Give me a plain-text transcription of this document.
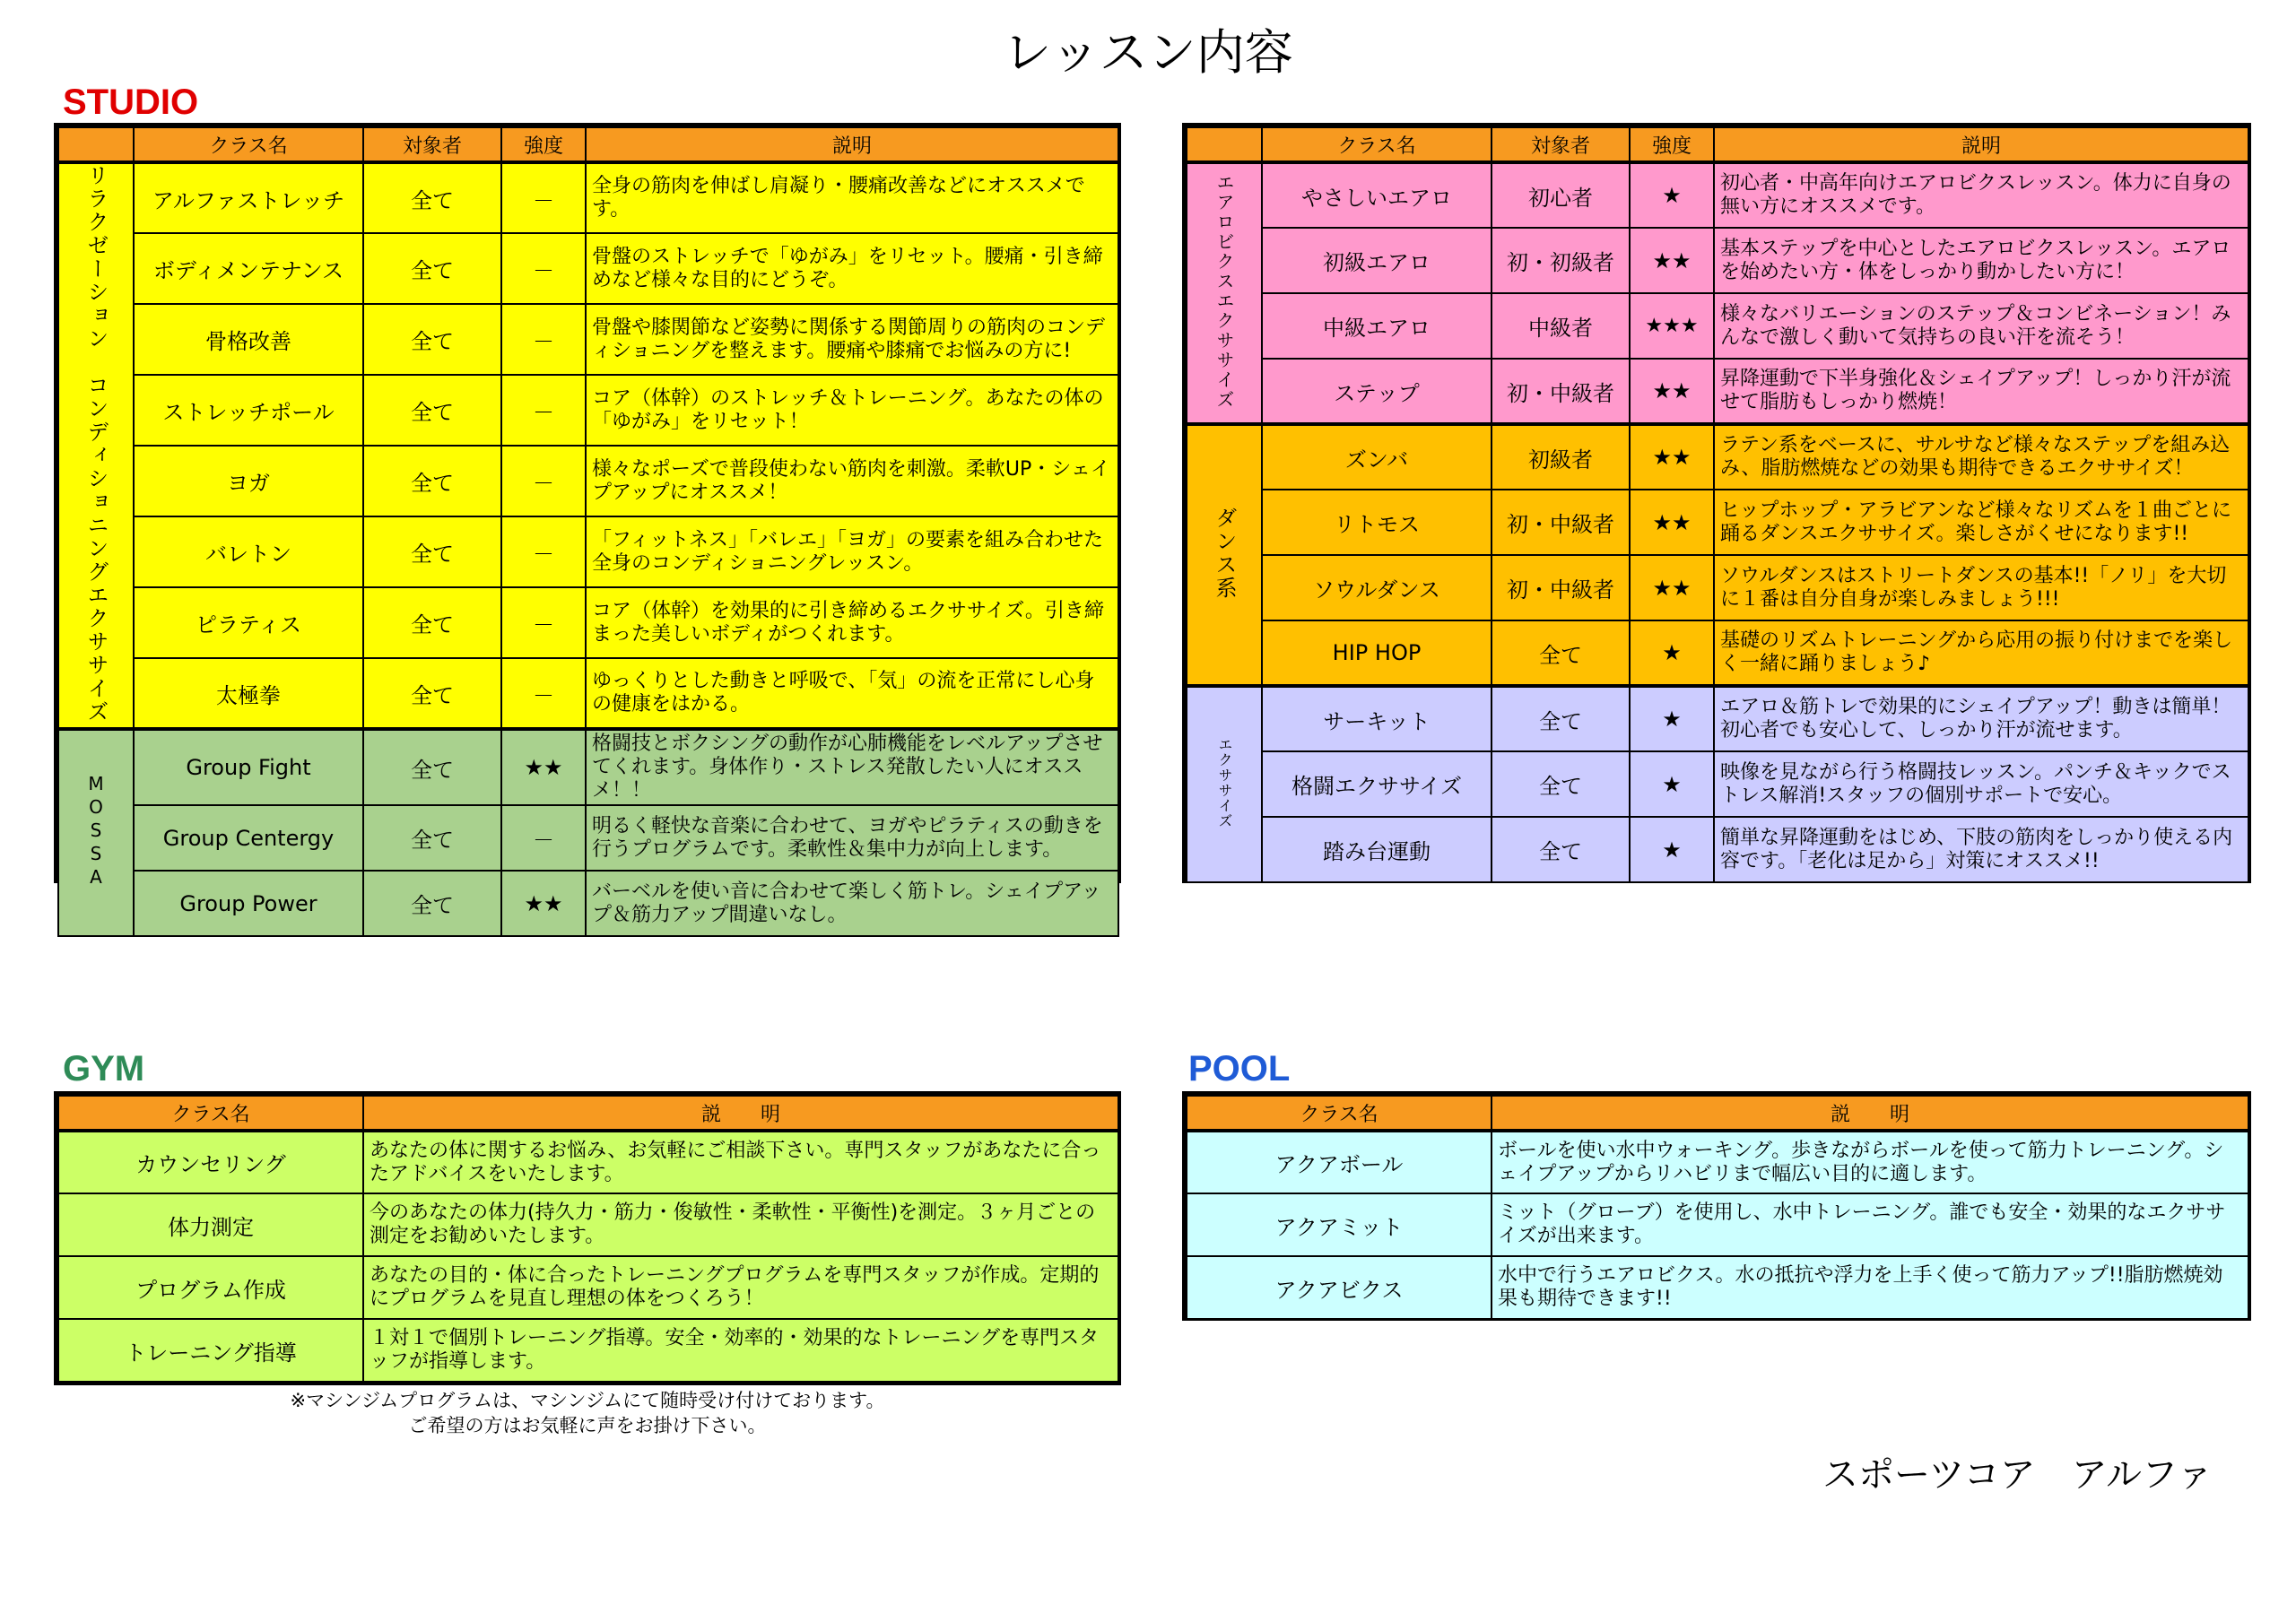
レッスン内容
STUDIO
GYM	POOL
	クラス名	対象者	強度	説明
リラクゼーション　コンディショニングエクササイズ	アルファストレッチ	全て	－	全身の筋肉を伸ばし肩凝り・腰痛改善などにオススメです。
	ボディメンテナンス	全て	－	骨盤のストレッチで「ゆがみ」をリセット。腰痛・引き締めなど様々な目的にどうぞ。
	骨格改善	全て	－	骨盤や膝関節など姿勢に関係する関節周りの筋肉のコンディショニングを整えます。腰痛や膝痛でお悩みの方に!
	ストレッチポール	全て	－	コア（体幹）のストレッチ＆トレーニング。あなたの体の「ゆがみ」をリセット！
	ヨガ	全て	－	様々なポーズで普段使わない筋肉を刺激。柔軟UP・シェイプアップにオススメ！
	バレトン	全て	－	「フィットネス」「バレエ」「ヨガ」の要素を組み合わせた全身のコンディショニングレッスン。
	ピラティス	全て	－	コア（体幹）を効果的に引き締めるエクササイズ。引き締まった美しいボディがつくれます。
	太極拳	全て	－	ゆっくりとした動きと呼吸で、「気」の流を正常にし心身の健康をはかる。
MOSSA	Group Fight	全て	★★	格闘技とボクシングの動作が心肺機能をレベルアップさせてくれます。身体作り・ストレス発散したい人にオススメ！！
	Group Centergy	全て	－	明るく軽快な音楽に合わせて、ヨガやピラティスの動きを行うプログラムです。柔軟性＆集中力が向上します。
	Group Power	全て	★★	バーベルを使い音に合わせて楽しく筋トレ。シェイプアップ＆筋力アップ間違いなし。
	クラス名	対象者	強度	説明
エアロビクスエクササイズ	やさしいエアロ	初心者	★	初心者・中高年向けエアロビクスレッスン。体力に自身の無い方にオススメです。
	初級エアロ	初・初級者	★★	基本ステップを中心としたエアロビクスレッスン。エアロを始めたい方・体をしっかり動かしたい方に！
	中級エアロ	中級者	★★★	様々なバリエーションのステップ＆コンビネーション！みんなで激しく動いて気持ちの良い汗を流そう！
	ステップ	初・中級者	★★	昇降運動で下半身強化＆シェイプアップ！しっかり汗が流せて脂肪もしっかり燃焼！
ダンス系	ズンバ	初級者	★★	ラテン系をベースに、サルサなど様々なステップを組み込み、脂肪燃焼などの効果も期待できるエクササイズ！
	リトモス	初・中級者	★★	ヒップホップ・アラビアンなど様々なリズムを１曲ごとに踊るダンスエクササイズ。楽しさがくせになります!!
	ソウルダンス	初・中級者	★★	ソウルダンスはストリートダンスの基本!!「ノリ」を大切に１番は自分自身が楽しみましょう!!!
	HIP HOP	全て	★	基礎のリズムトレーニングから応用の振り付けまでを楽しく一緒に踊りましょう♪
エクササイズ	サーキット	全て	★	エアロ＆筋トレで効果的にシェイプアップ！動きは簡単！初心者でも安心して、しっかり汗が流せます。
	格闘エクササイズ	全て	★	映像を見ながら行う格闘技レッスン。パンチ＆キックでストレス解消!スタッフの個別サポートで安心。
	踏み台運動	全て	★	簡単な昇降運動をはじめ、下肢の筋肉をしっかり使える内容です。「老化は足から」対策にオススメ!!
クラス名	説　　明
カウンセリング	あなたの体に関するお悩み、お気軽にご相談下さい。専門スタッフがあなたに合ったアドバイスをいたします。
体力測定	今のあなたの体力(持久力・筋力・俊敏性・柔軟性・平衡性)を測定。３ヶ月ごとの測定をお勧めいたします。
プログラム作成	あなたの目的・体に合ったトレーニングプログラムを専門スタッフが作成。定期的にプログラムを見直し理想の体をつくろう！
トレーニング指導	１対１で個別トレーニング指導。安全・効率的・効果的なトレーニングを専門スタッフが指導します。
※マシンジムプログラムは、マシンジムにて随時受け付けております。
ご希望の方はお気軽に声をお掛け下さい。
クラス名	説　　明
アクアボール	ボールを使い水中ウォーキング。歩きながらボールを使って筋力トレーニング。シェイプアップからリハビリまで幅広い目的に適します。
アクアミット	ミット（グローブ）を使用し、水中トレーニング。誰でも安全・効果的なエクササイズが出来ます。
アクアビクス	水中で行うエアロビクス。水の抵抗や浮力を上手く使って筋力アップ!!脂肪燃焼効果も期待できます!!
スポーツコア　アルファ
